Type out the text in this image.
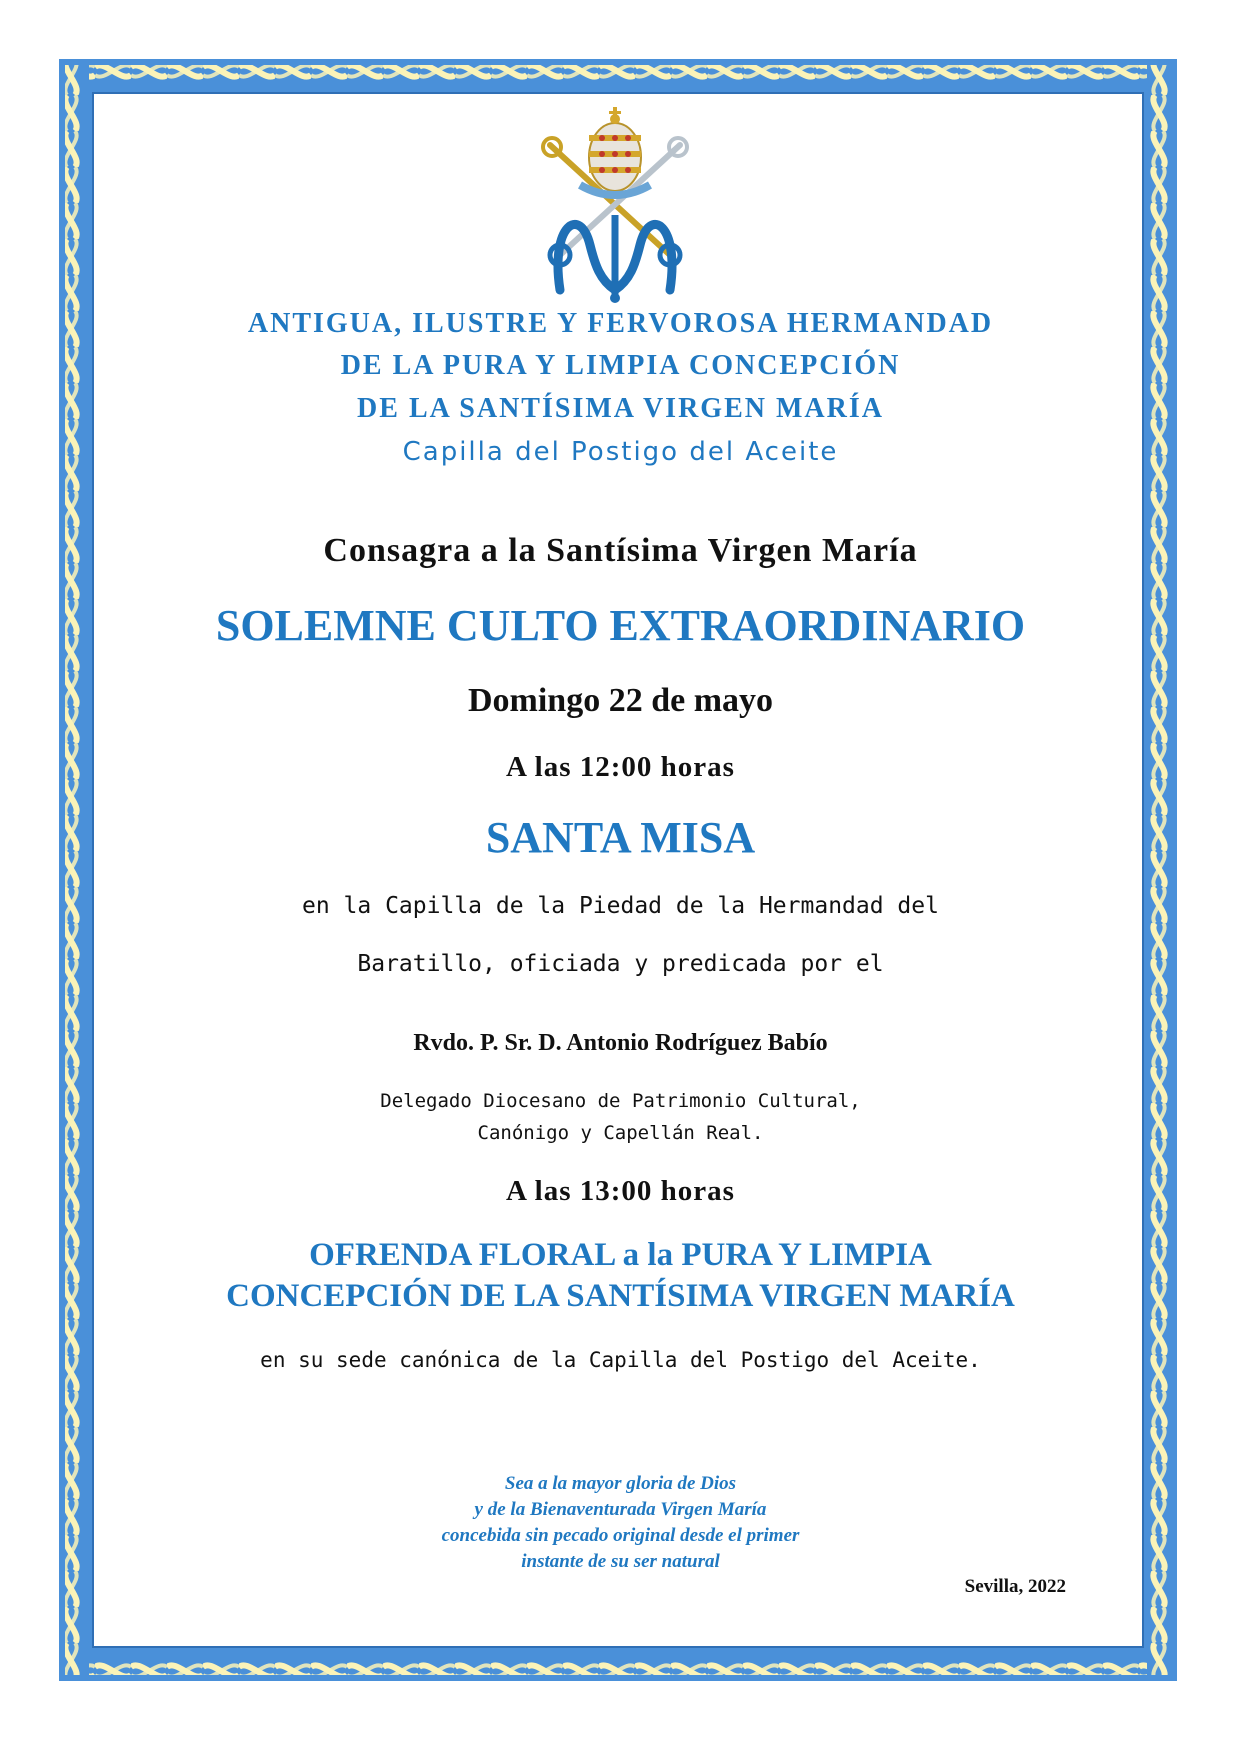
ANTIGUA, ILUSTRE Y FERVOROSA HERMANDAD

DE LA PURA Y LIMPIA CONCEPCIÓN

DE LA SANTÍSIMA VIRGEN MARÍA

Capilla del Postigo del Aceite

Consagra a la Santísima Virgen María

SOLEMNE CULTO EXTRAORDINARIO

Domingo 22 de mayo

A las 12:00 horas

SANTA MISA

en la Capilla de la Piedad de la Hermandad del

Baratillo, oficiada y predicada por el

Rvdo. P. Sr. D. Antonio Rodríguez Babío

Delegado Diocesano de Patrimonio Cultural,

Canónigo y Capellán Real.

A las 13:00 horas

OFRENDA FLORAL a la PURA Y LIMPIA

CONCEPCIÓN DE LA SANTÍSIMA VIRGEN MARÍA

en su sede canónica de la Capilla del Postigo del Aceite.

Sea a la mayor gloria de Dios

y de la Bienaventurada Virgen María

concebida sin pecado original desde el primer

instante de su ser natural

Sevilla, 2022
